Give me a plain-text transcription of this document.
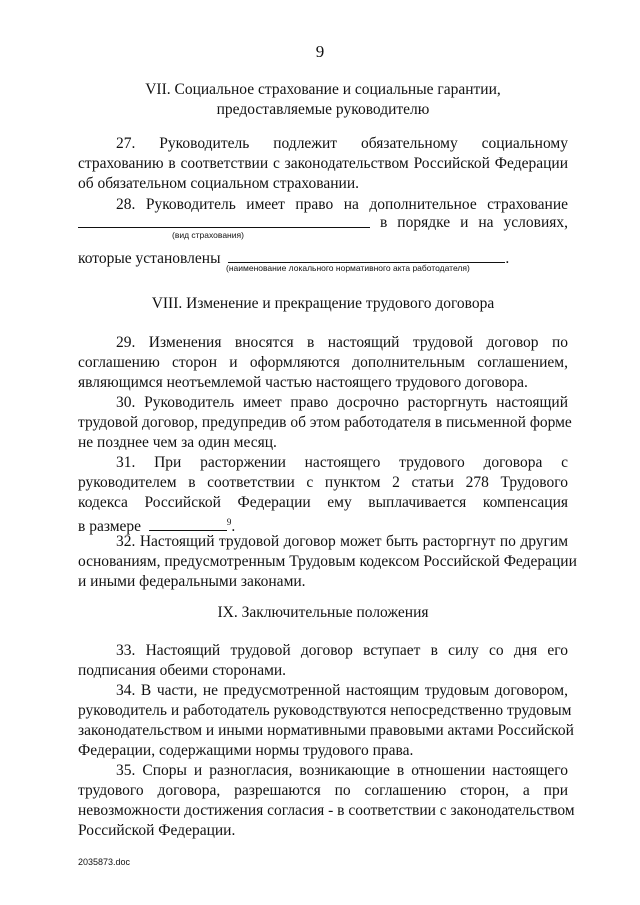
9
VII. Социальное страхование и социальные гарантии,
предоставляемые руководителю
27. Руководитель подлежит обязательному социальному
страхованию в соответствии с законодательством Российской Федерации
об обязательном социальном страховании.
28. Руководитель имеет право на дополнительное страхование
в порядке и на условиях,
(вид страхования)
которые установлены	.
(наименование локального нормативного акта работодателя)
VIII. Изменение и прекращение трудового договора
29. Изменения вносятся в настоящий трудовой договор по
соглашению сторон и оформляются дополнительным соглашением,
являющимся неотъемлемой частью настоящего трудового договора.
30. Руководитель имеет право досрочно расторгнуть настоящий
трудовой договор, предупредив об этом работодателя в письменной форме
не позднее чем за один месяц.
31. При расторжении настоящего трудового договора с
руководителем в соответствии с пунктом 2 статьи 278 Трудового
кодекса Российской Федерации ему выплачивается компенсация
в размере	$^9$.
32. Настоящий трудовой договор может быть расторгнут по другим
основаниям, предусмотренным Трудовым кодексом Российской Федерации
и иными федеральными законами.
IX. Заключительные положения
33. Настоящий трудовой договор вступает в силу со дня его
подписания обеими сторонами.
34. В части, не предусмотренной настоящим трудовым договором,
руководитель и работодатель руководствуются непосредственно трудовым
законодательством и иными нормативными правовыми актами Российской
Федерации, содержащими нормы трудового права.
35. Споры и разногласия, возникающие в отношении настоящего
трудового договора, разрешаются по соглашению сторон, а при
невозможности достижения согласия - в соответствии с законодательством
Российской Федерации.
2035873.doc
